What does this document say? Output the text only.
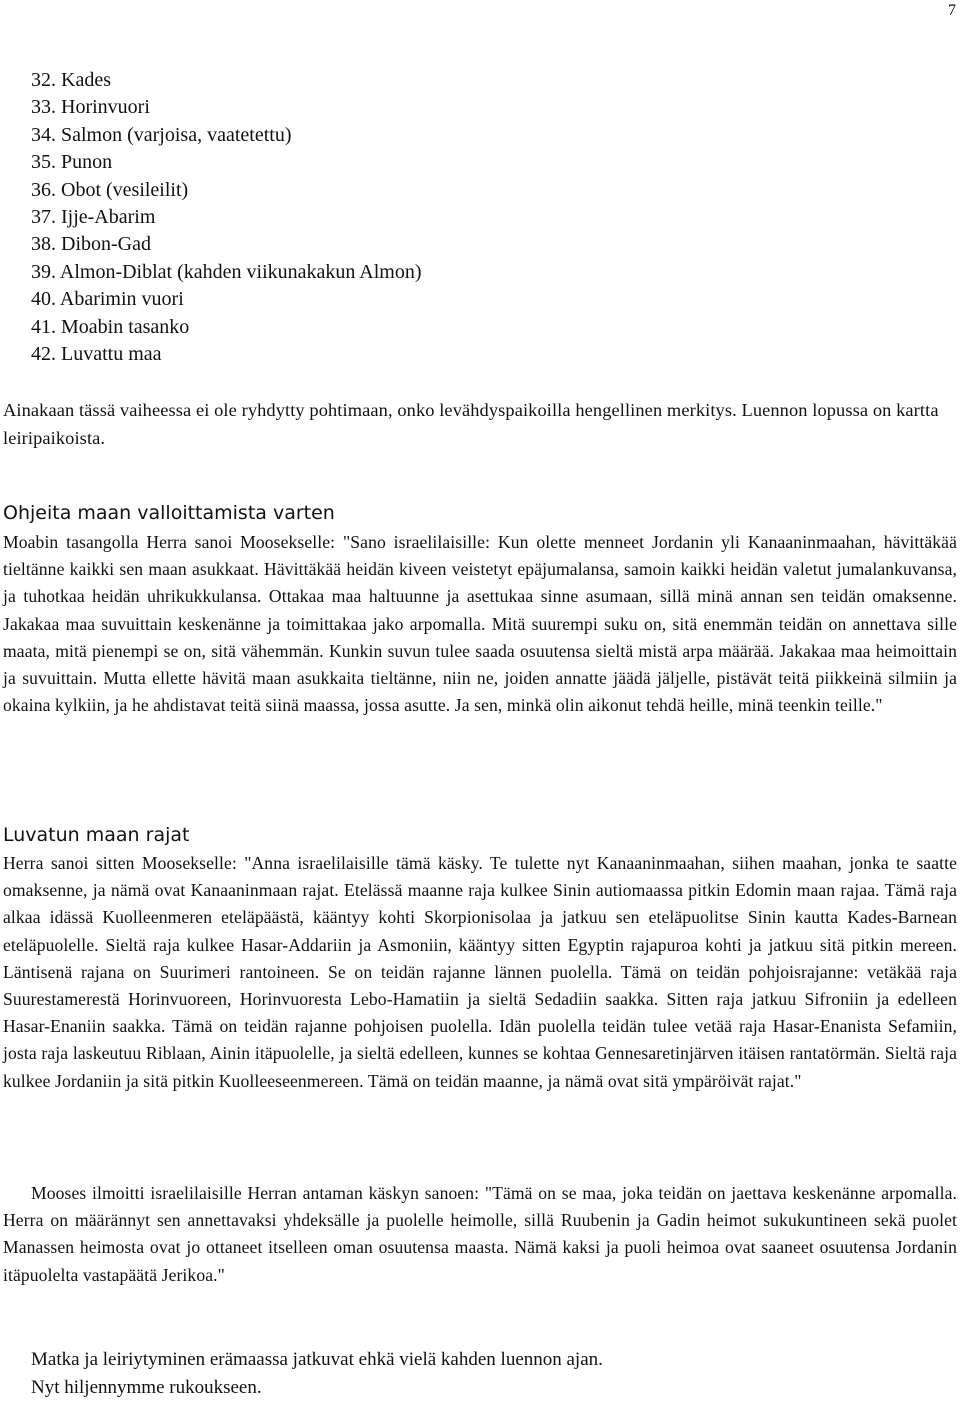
7
32. Kades
33. Horinvuori
34. Salmon (varjoisa, vaatetettu)
35. Punon
36. Obot (vesileilit)
37. Ijje-Abarim
38. Dibon-Gad
39. Almon-Diblat (kahden viikunakakun Almon)
40. Abarimin vuori
41. Moabin tasanko
42. Luvattu maa

Ainakaan tässä vaiheessa ei ole ryhdytty pohtimaan, onko levähdyspaikoilla hengellinen merkitys. Luennon lopussa on kartta leiripaikoista.

Ohjeita maan valloittamista varten

Moabin tasangolla Herra sanoi Moosekselle: "Sano israelilaisille: Kun olette menneet Jordanin yli Kanaaninmaahan, hävittäkää tieltänne kaikki sen maan asukkaat. Hävittäkää heidän kiveen veistetyt epäjumalansa, samoin kaikki heidän valetut jumalankuvansa, ja tuhotkaa heidän uhrikukkulansa. Ottakaa maa haltuunne ja asettukaa sinne asumaan, sillä minä annan sen teidän omaksenne. Jakakaa maa suvuittain keskenänne ja toimittakaa jako arpomalla. Mitä suurempi suku on, sitä enemmän teidän on annettava sille maata, mitä pienempi se on, sitä vähemmän. Kunkin suvun tulee saada osuutensa sieltä mistä arpa määrää. Jakakaa maa heimoittain ja suvuittain. Mutta ellette hävitä maan asukkaita tieltänne, niin ne, joiden annatte jäädä jäljelle, pistävät teitä piikkeinä silmiin ja okaina kylkiin, ja he ahdistavat teitä siinä maassa, jossa asutte. Ja sen, minkä olin aikonut tehdä heille, minä teenkin teille."

Luvatun maan rajat

Herra sanoi sitten Moosekselle: "Anna israelilaisille tämä käsky. Te tulette nyt Kanaaninmaahan, siihen maahan, jonka te saatte omaksenne, ja nämä ovat Kanaaninmaan rajat. Etelässä maanne raja kulkee Sinin autiomaassa pitkin Edomin maan rajaa. Tämä raja alkaa idässä Kuolleenmeren eteläpäästä, kääntyy kohti Skorpionisolaa ja jatkuu sen eteläpuolitse Sinin kautta Kades-Barnean eteläpuolelle. Sieltä raja kulkee Hasar-Addariin ja Asmoniin, kääntyy sitten Egyptin rajapuroa kohti ja jatkuu sitä pitkin mereen. Läntisenä rajana on Suurimeri rantoineen. Se on teidän rajanne lännen puolella. Tämä on teidän pohjoisrajanne: vetäkää raja Suurestamerestä Horinvuoreen, Horinvuoresta Lebo-Hamatiin ja sieltä Sedadiin saakka. Sitten raja jatkuu Sifroniin ja edelleen Hasar-Enaniin saakka. Tämä on teidän rajanne pohjoisen puolella. Idän puolella teidän tulee vetää raja Hasar-Enanista Sefamiin, josta raja laskeutuu Riblaan, Ainin itäpuolelle, ja sieltä edelleen, kunnes se kohtaa Gennesaretinjärven itäisen rantatörmän. Sieltä raja kulkee Jordaniin ja sitä pitkin Kuolleeseenmereen. Tämä on teidän maanne, ja nämä ovat sitä ympäröivät rajat."

Mooses ilmoitti israelilaisille Herran antaman käskyn sanoen: "Tämä on se maa, joka teidän on jaettava keskenänne arpomalla. Herra on määrännyt sen annettavaksi yhdeksälle ja puolelle heimolle, sillä Ruubenin ja Gadin heimot sukukuntineen sekä puolet Manassen heimosta ovat jo ottaneet itselleen oman osuutensa maasta. Nämä kaksi ja puoli heimoa ovat saaneet osuutensa Jordanin itäpuolelta vastapäätä Jerikoa."

Matka ja leiriytyminen erämaassa jatkuvat ehkä vielä kahden luennon ajan.
Nyt hiljennymme rukoukseen.
